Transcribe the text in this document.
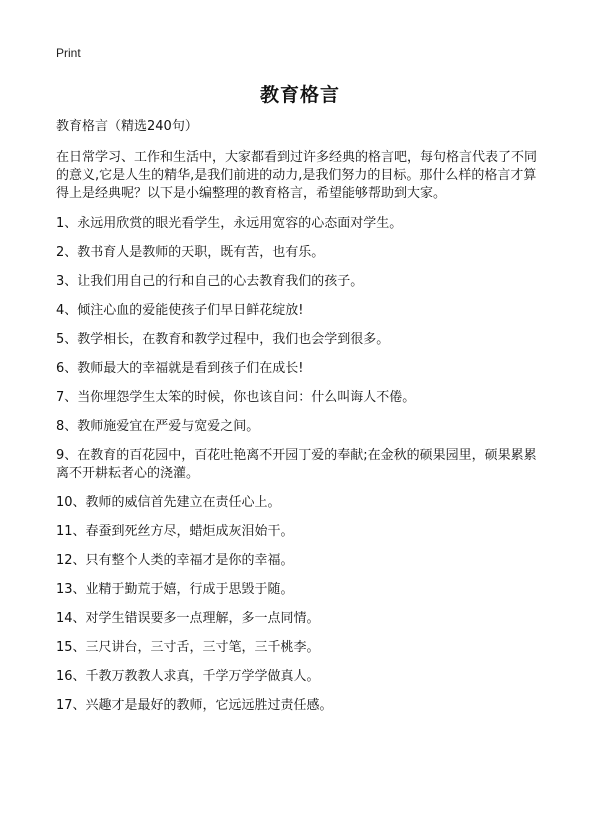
Print
教育格言

教育格言（精选240句）

在日常学习、工作和生活中，大家都看到过许多经典的格言吧，每句格言代表了不同的意义,它是人生的精华,是我们前进的动力,是我们努力的目标。那什么样的格言才算得上是经典呢？以下是小编整理的教育格言，希望能够帮助到大家。

1、永远用欣赏的眼光看学生，永远用宽容的心态面对学生。

2、教书育人是教师的天职，既有苦，也有乐。

3、让我们用自己的行和自己的心去教育我们的孩子。

4、倾注心血的爱能使孩子们早日鲜花绽放!

5、教学相长，在教育和教学过程中，我们也会学到很多。

6、教师最大的幸福就是看到孩子们在成长!

7、当你埋怨学生太笨的时候，你也该自问：什么叫诲人不倦。

8、教师施爱宜在严爱与宽爱之间。

9、在教育的百花园中，百花吐艳离不开园丁爱的奉献;在金秋的硕果园里，硕果累累离不开耕耘者心的浇灌。

10、教师的威信首先建立在责任心上。

11、春蚕到死丝方尽，蜡炬成灰泪始干。

12、只有整个人类的幸福才是你的幸福。

13、业精于勤荒于嬉，行成于思毁于随。

14、对学生错误要多一点理解，多一点同情。

15、三尺讲台，三寸舌，三寸笔，三千桃李。

16、千教万教教人求真，千学万学学做真人。

17、兴趣才是最好的教师，它远远胜过责任感。
